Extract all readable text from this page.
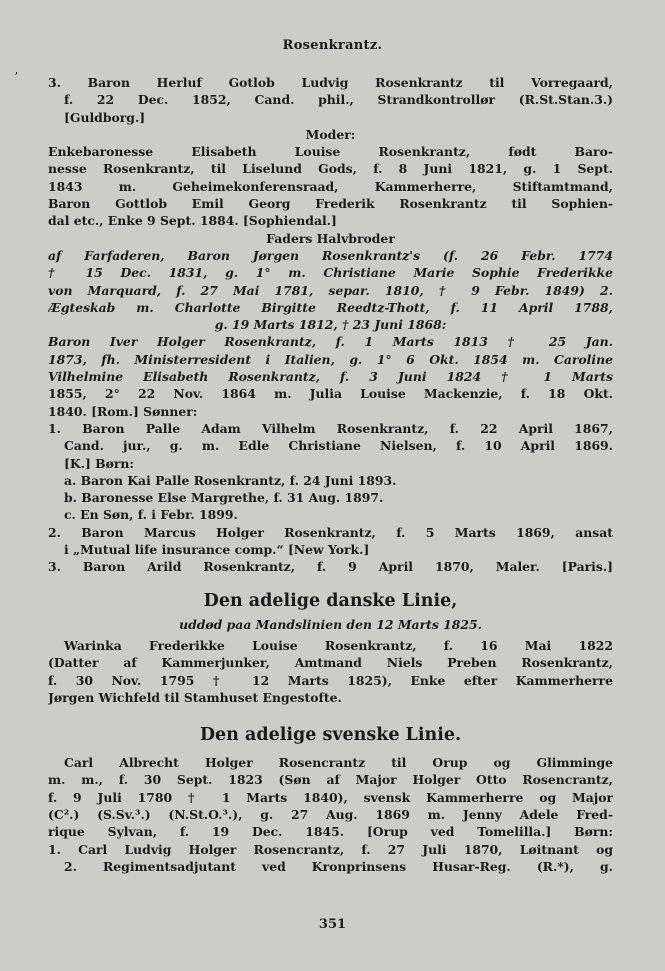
Rosenkrantz.
3. Baron Herluf Gotlob Ludvig Rosenkrantz til Vorregaard,
f. 22 Dec. 1852, Cand. phil., Strandkontrollør (R.St.Stan.3.)
[Guldborg.]
Moder:
Enkebaronesse Elisabeth Louise Rosenkrantz, født Baro-
nesse Rosenkrantz, til Liselund Gods, f. 8 Juni 1821, g. 1 Sept.
1843 m. Geheimekonferensraad, Kammerherre, Stiftamtmand,
Baron Gottlob Emil Georg Frederik Rosenkrantz til Sophien-
dal etc., Enke 9 Sept. 1884. [Sophiendal.]
Faders Halvbroder
af Farfaderen, Baron Jørgen Rosenkrantz's (f. 26 Febr. 1774
† 15 Dec. 1831, g. 1° m. Christiane Marie Sophie Frederikke
von Marquard, f. 27 Mai 1781, separ. 1810, † 9 Febr. 1849) 2.
Ægteskab m. Charlotte Birgitte Reedtz-Thott, f. 11 April 1788,
g. 19 Marts 1812, † 23 Juni 1868:
Baron Iver Holger Rosenkrantz, f. 1 Marts 1813 † 25 Jan.
1873, fh. Ministerresident i Italien, g. 1° 6 Okt. 1854 m. Caroline
Vilhelmine Elisabeth Rosenkrantz, f. 3 Juni 1824 † 1 Marts
1855, 2° 22 Nov. 1864 m. Julia Louise Mackenzie, f. 18 Okt.
1840. [Rom.] Sønner:
1. Baron Palle Adam Vilhelm Rosenkrantz, f. 22 April 1867,
Cand. jur., g. m. Edle Christiane Nielsen, f. 10 April 1869.
[K.] Børn:
a. Baron Kai Palle Rosenkrantz, f. 24 Juni 1893.
b. Baronesse Else Margrethe, f. 31 Aug. 1897.
c. En Søn, f. i Febr. 1899.
2. Baron Marcus Holger Rosenkrantz, f. 5 Marts 1869, ansat
i „Mutual life insurance comp.“ [New York.]
3. Baron Arild Rosenkrantz, f. 9 April 1870, Maler. [Paris.]
Den adelige danske Linie,
uddød paa Mandslinien den 12 Marts 1825.
Warinka Frederikke Louise Rosenkrantz, f. 16 Mai 1822
(Datter af Kammerjunker, Amtmand Niels Preben Rosenkrantz,
f. 30 Nov. 1795 † 12 Marts 1825), Enke efter Kammerherre
Jørgen Wichfeld til Stamhuset Engestofte.
Den adelige svenske Linie.
Carl Albrecht Holger Rosencrantz til Orup og Glimminge
m. m., f. 30 Sept. 1823 (Søn af Major Holger Otto Rosencrantz,
f. 9 Juli 1780 † 1 Marts 1840), svensk Kammerherre og Major
(C².) (S.Sv.³.) (N.St.O.³.), g. 27 Aug. 1869 m. Jenny Adele Fred-
rique Sylvan, f. 19 Dec. 1845. [Orup ved Tomelilla.] Børn:
1. Carl Ludvig Holger Rosencrantz, f. 27 Juli 1870, Løitnant og
2. Regimentsadjutant ved Kronprinsens Husar-Reg. (R.*), g.
ʼ
351
